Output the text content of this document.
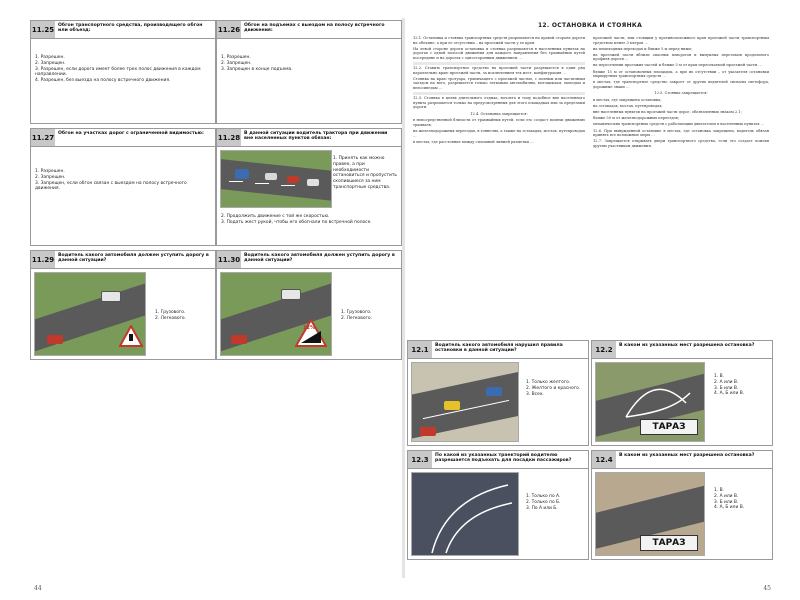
11.25 Обгон транспортного средства, производящего обгон или объезд:
1. Разрешен.
2. Запрещен.
3. Разрешен, если дорога имеет более трех полос движения в каждом направлении.
4. Разрешен, без выезда на полосу встречного движения.
11.26 Обгон на подъемах с выездом на полосу встречного движения:
1. Разрешен.
2. Запрещен.
3. Запрещен в конце подъема.
11.27 Обгон на участках дорог с ограниченной видимостью:
1. Разрешен.
2. Запрещен.
3. Запрещен, если обгон связан с выездом на полосу встречного движения.
11.28 В данной ситуации водитель трактора при движении вне населенных пунктов обязан:
1. Принять как можно правее, а при необходимости остановиться и пропустить скопившиеся за ним транспортные средства.
2. Продолжить движение с той же скоростью.
3. Подать жест рукой, чтобы его обогнали по встречной полосе.
11.29 Водитель какого автомобиля должен уступить дорогу в данной ситуации?
1. Грузового.
2. Легкового.
11.30 Водитель какого автомобиля должен уступить дорогу в данной ситуации?
12%
1. Грузового.
2. Легкового.
44
12. ОСТАНОВКА И СТОЯНКА

12.1. Остановка и стоянка транспортных средств разрешаются на правой стороне дороги на обочине, а при ее отсутствии – на проезжей части у ее края.

На левой стороне дороги остановка и стоянка разрешаются в населенных пунктах на дорогах с одной полосой движения для каждого направления без трамвайных путей посередине и на дорогах с односторонним движением …

12.2. Ставить транспортное средство на проезжей части разрешается в один ряд параллельно краю проезжей части, за исключением тех мест, конфигурация …

Стоянка на краю тротуара, граничащего с проезжей частью, с полным или частичным заездом на него, разрешается только легковым автомобилям, мотоциклам, мопедам и велосипедам …

12.3. Стоянка в целях длительного отдыха, ночлега и тому подобное вне населенного пункта разрешается только на предусмотренных для этого площадках или за пределами дороги.

12.4. Остановка запрещается:

в непосредственной близости от трамвайных путей, если это создаст помехи движению трамваев;

на железнодорожных переездах, в тоннелях, а также на эстакадах, мостах, путепроводах …

в местах, где расстояние между сплошной линией разметки …

проезжей части, или стоящим у противоположного края проезжей части транспортным средством менее 3 метров …

на пешеходных переходах и ближе 5 м перед ними;

на проезжей части вблизи опасных поворотов и выпуклых переломов продольного профиля дороги …

на пересечении проезжих частей и ближе 5 м от края пересекаемой проезжей части …

ближе 15 м от остановочных площадок, а при их отсутствии – от указателя остановки маршрутных транспортных средств …

в местах, где транспортное средство закроет от других водителей сигналы светофора, дорожные знаки …

12.5. Стоянка запрещается:

в местах, где запрещена остановка;

на эстакадах, мостах, путепроводах;

вне населенных пунктов на проезжей части дорог, обозначенных знаком 2.1;

ближе 50 м от железнодорожных переездов;

механических транспортных средств с работающим двигателем в населенных пунктах …

12.6. При вынужденной остановке в местах, где остановка запрещена, водитель обязан принять все возможные меры …

12.7. Запрещается открывать двери транспортного средства, если это создаст помехи другим участникам движения.

12.1	Водитель какого автомобиля нарушил правила остановки в данной ситуации?
1. Только желтого.
2. Желтого и красного.
3. Всех.
12.2	В каком из указанных мест разрешена остановка?
ТАРАЗ
1. В.
2. А или В.
3. Б или В.
4. А, Б или В.
12.3	По какой из указанных траекторий водителю разрешается подъехать для посадки пассажиров?
1. Только по А.
2. Только по Б.
3. По А или Б.
12.4	В каком из указанных мест разрешена остановка?
ТАРАЗ
1. В.
2. А или В.
3. Б или В.
4. А, Б или В.
45
